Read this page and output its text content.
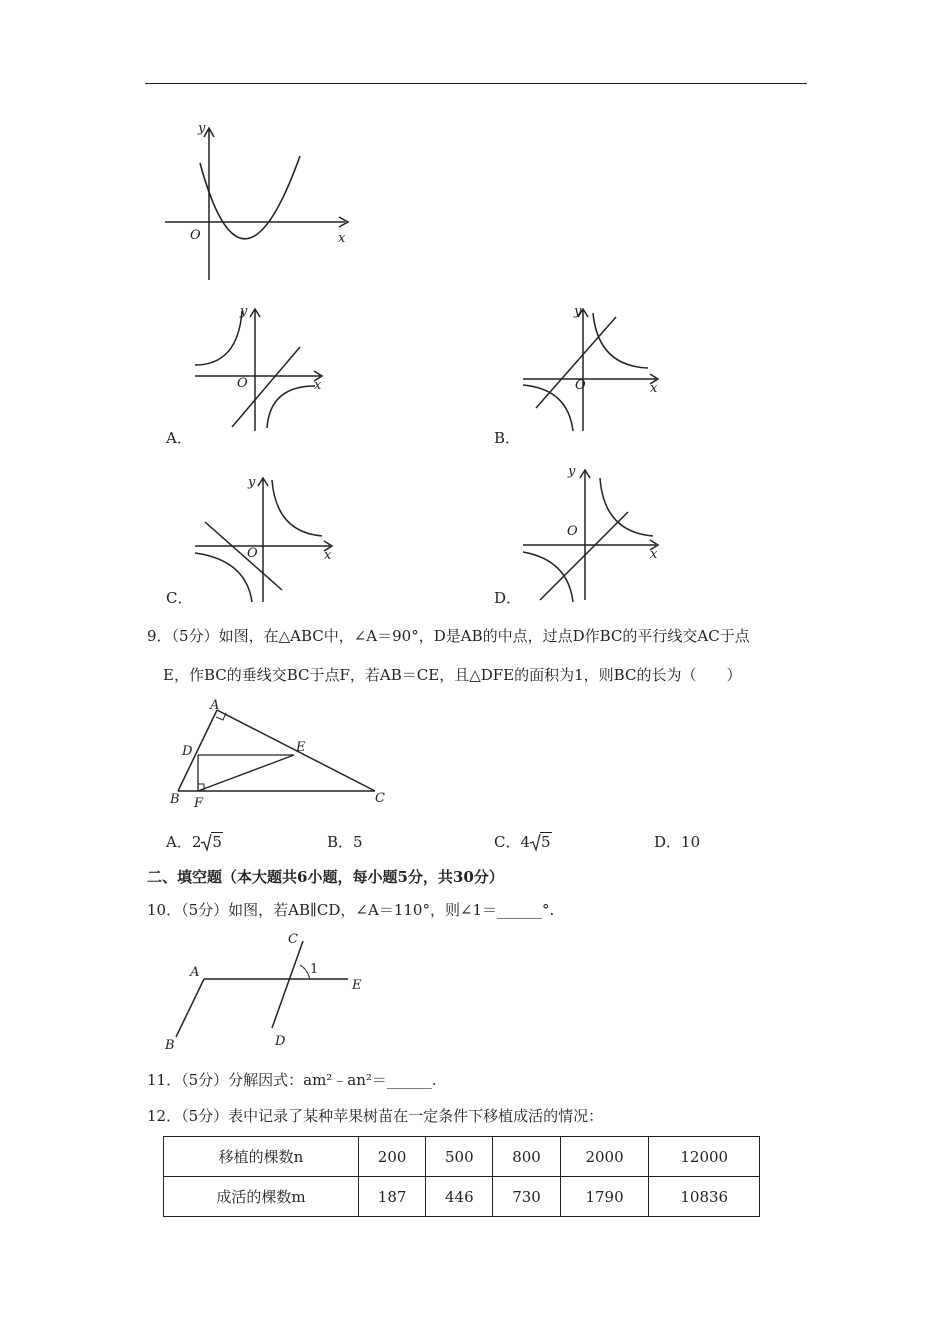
y
x
O
y
x
O
A．
y
x
O
B．
y
x
O
C．
y
x
O
D．
9．（5分）如图，在△ABC中，∠A＝90°，D是AB的中点，过点D作BC的平行线交AC于点
E，作BC的垂线交BC于点F，若AB＝CE，且△DFE的面积为1，则BC的长为（　　）
A
D	E
B F	C
A．2 5	B．5	C．4 5	D．10
二、填空题（本大题共6小题，每小题5分，共30分）
10．（5分）如图，若AB∥CD，∠A＝110°，则∠1＝______°.
A
B
C
D
E
1
11．（5分）分解因式：am²﹣an²＝______.
12．（5分）表中记录了某种苹果树苗在一定条件下移植成活的情况：
移植的棵数n	200	500	800	2000	12000
成活的棵数m	187	446	730	1790	10836
